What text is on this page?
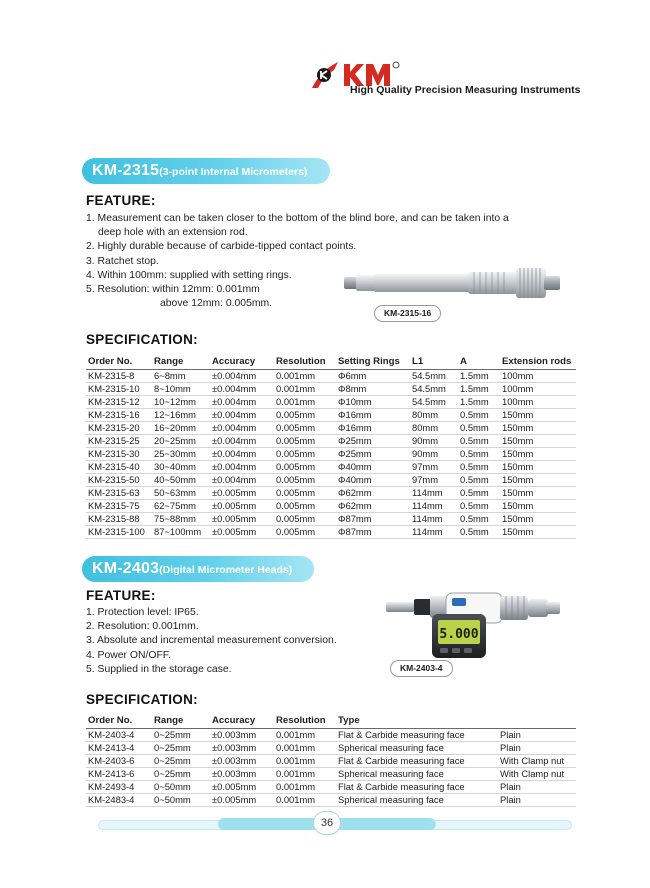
High Quality Precision Measuring Instruments
KM-2315(3-point Internal Micrometers)
FEATURE:
1. Measurement can be taken closer to the bottom of the blind bore, and can be taken into a
deep hole with an extension rod.
2. Highly durable because of carbide-tipped contact points.
3. Ratchet stop.
4. Within 100mm: supplied with setting rings.
5. Resolution: within 12mm: 0.001mm
above 12mm: 0.005mm.
KM-2315-16
SPECIFICATION:
Order No.	Range	Accuracy	Resolution	Setting Rings	L1	A	Extension rods
KM-2315-8	6~8mm	±0.004mm	0.001mm	Φ6mm	54.5mm	1.5mm	100mm
KM-2315-10	8~10mm	±0.004mm	0.001mm	Φ8mm	54.5mm	1.5mm	100mm
KM-2315-12	10~12mm	±0.004mm	0.001mm	Φ10mm	54.5mm	1.5mm	100mm
KM-2315-16	12~16mm	±0.004mm	0.005mm	Φ16mm	80mm	0.5mm	150mm
KM-2315-20	16~20mm	±0.004mm	0.005mm	Φ16mm	80mm	0.5mm	150mm
KM-2315-25	20~25mm	±0.004mm	0.005mm	Φ25mm	90mm	0.5mm	150mm
KM-2315-30	25~30mm	±0.004mm	0.005mm	Φ25mm	90mm	0.5mm	150mm
KM-2315-40	30~40mm	±0.004mm	0.005mm	Φ40mm	97mm	0.5mm	150mm
KM-2315-50	40~50mm	±0.004mm	0.005mm	Φ40mm	97mm	0.5mm	150mm
KM-2315-63	50~63mm	±0.005mm	0.005mm	Φ62mm	114mm	0.5mm	150mm
KM-2315-75	62~75mm	±0.005mm	0.005mm	Φ62mm	114mm	0.5mm	150mm
KM-2315-88	75~88mm	±0.005mm	0.005mm	Φ87mm	114mm	0.5mm	150mm
KM-2315-100	87~100mm	±0.005mm	0.005mm	Φ87mm	114mm	0.5mm	150mm
KM-2403(Digital Micrometer Heads)
FEATURE:
1. Protection level: IP65.
2. Resolution: 0.001mm.
3. Absolute and incremental measurement conversion.
4. Power ON/OFF.
5. Supplied in the storage case.
5.000
KM-2403-4
SPECIFICATION:
Order No.	Range	Accuracy	Resolution	Type	
KM-2403-4	0~25mm	±0.003mm	0.001mm	Flat & Carbide measuring face	Plain
KM-2413-4	0~25mm	±0.003mm	0.001mm	Spherical measuring face	Plain
KM-2403-6	0~25mm	±0.003mm	0.001mm	Flat & Carbide measuring face	With Clamp nut
KM-2413-6	0~25mm	±0.003mm	0.001mm	Spherical measuring face	With Clamp nut
KM-2493-4	0~50mm	±0.005mm	0.001mm	Flat & Carbide measuring face	Plain
KM-2483-4	0~50mm	±0.005mm	0.001mm	Spherical measuring face	Plain
36
